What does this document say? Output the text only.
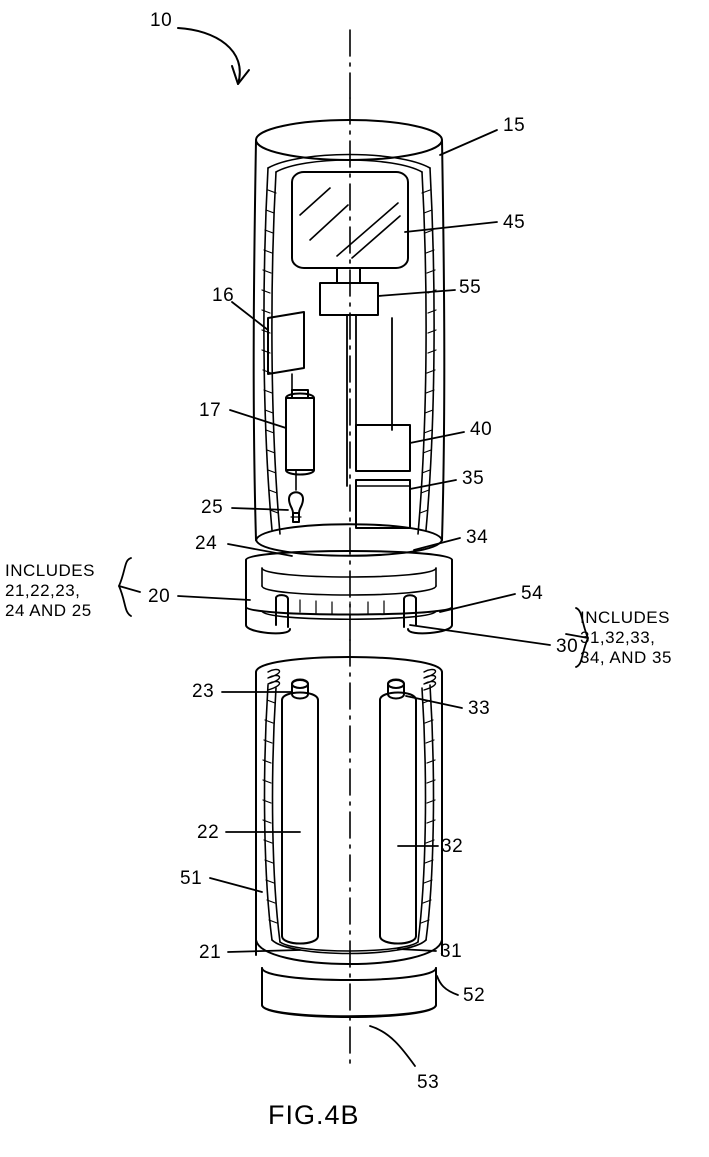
10
15
45
55
16
17
40
35
25
34
24
20	54
30
23
33
22
32
51
21	31
52
53
INCLUDES
21,22,23,
24 AND 25	INCLUDES
31,32,33,
34, AND 35
FIG.4B
